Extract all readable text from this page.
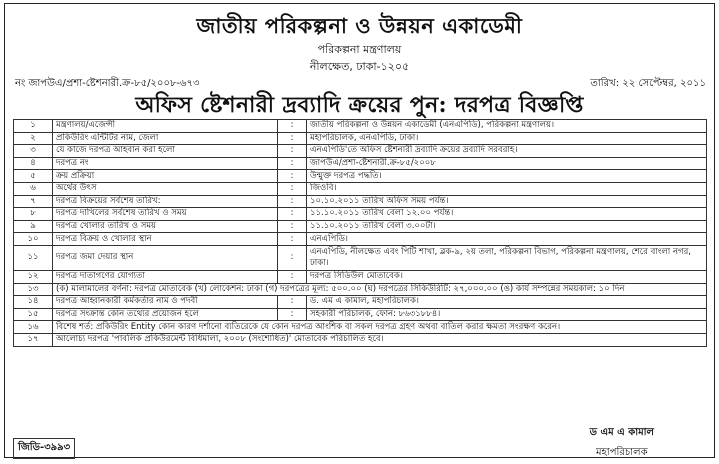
জাতীয় পরিকল্পনা ও উন্নয়ন একাডেমী
পরিকল্পনা মন্ত্রণালয়
নীলক্ষেত, ঢাকা-১২০৫
নং জাপউএ/প্রশা-ষ্টেশনারী.ক্র-৮৫/২০০৮-৬৭৩	তারিখ: ২২ সেপ্টেম্বর, ২০১১
অফিস ষ্টেশনারী দ্রব্যাদি ক্রয়ের পুন: দরপত্র বিজ্ঞপ্তি
১	মন্ত্রণালয়/এজেন্সী	:	জাতীয় পরিকল্পনা ও উন্নয়ন একাডেমী (এনএপিডি), পরিকল্পনা মন্ত্রণালয়।
২	প্রকিউরিং এন্টিটির নাম, জেলা	:	মহাপরিচালক, এনএপিডি, ঢাকা।
৩	যে কাজে দরপত্র আহবান করা হলো	:	এনএপিডি'তে অফিস ষ্টেশনারী দ্রব্যাদি ক্রয়ের দ্রব্যাদি সরবরাহ।
৪	দরপত্র নং	:	জাপউএ/প্রশা-ষ্টেশনারী.ক্র-৮৫/২০০৮
৫	ক্রয় প্রক্রিয়া	:	উন্মুক্ত দরপত্র পদ্ধতি।
৬	অর্থের উৎস	:	জিওবি।
৭	দরপত্র বিক্রয়ের সর্বশেষ তারিখ:	:	১০.১০.২০১১ তারিখ অফিস সময় পর্যন্ত।
৮	দরপত্র দাখিলের সর্বশেষ তারিখ ও সময়	:	১১.১০.২০১১ তারিখ বেলা ১২.০০ পর্যন্ত।
৯	দরপত্র খোলার তারিখ ও সময়	:	১১.১০.২০১১ তারিখ বেলা ৩.০০টা।
১০	দরপত্র বিক্রয় ও খোলার স্থান	:	এনএপিডি।
১১	দরপত্র জমা দেয়ার স্থান	:	এনএপিডি, নীলক্ষেত এবং পিটি শাখা, ব্লক-৯, ২য় তলা, পরিকল্পনা বিভাগ, পরিকল্পনা মন্ত্রণালয়, শেরে বাংলা নগর, ঢাকা।
১২	দরপত্র দাতাগণের যোগ্যতা	:	দরপত্র সিডিউল মোতাবেক।
১৩	(ক) মালামালের বর্ণনা: দরপত্র মোতাবেক (খ) লোকেশন: ঢাকা (গ) দরপত্রের মূল্য: ৫০০.০০ (ঘ) দরপত্রের সিকিউরিটি: ২৭,০০০.০০ (ঙ) কার্য সম্পন্নের সময়কাল: ১০ দিন		
১৪	দরপত্র আহ্বানকারী কর্মকর্তার নাম ও পদবী	:	ড. এম এ কামাল, মহাপরিচালক।
১৫	দরপত্র সংক্রান্ত কোন তথ্যের প্রয়োজন হলে	:	সহকারী পরিচালক, ফোন: ৮৬৩১৮৮৪।
১৬	বিশেষ শর্ত: প্রকিউরিং Entity কোন কারণ দর্শানো ব্যতিরেকে যে কোন দরপত্র আংশিক বা সকল দরপত্র গ্রহণ অথবা বাতিল করার ক্ষমতা সংরক্ষণ করেন।		
১৭	আলোচ্য দরপত্র 'পাবলিক প্রকিউরমেন্ট বিধিমালা, ২০০৮ (সংশোধিত)' মোতাবেক পরিচালিত হবে।		
ড এম এ কামাল
মহাপরিচালক
জিডি-৩৯৯৩
